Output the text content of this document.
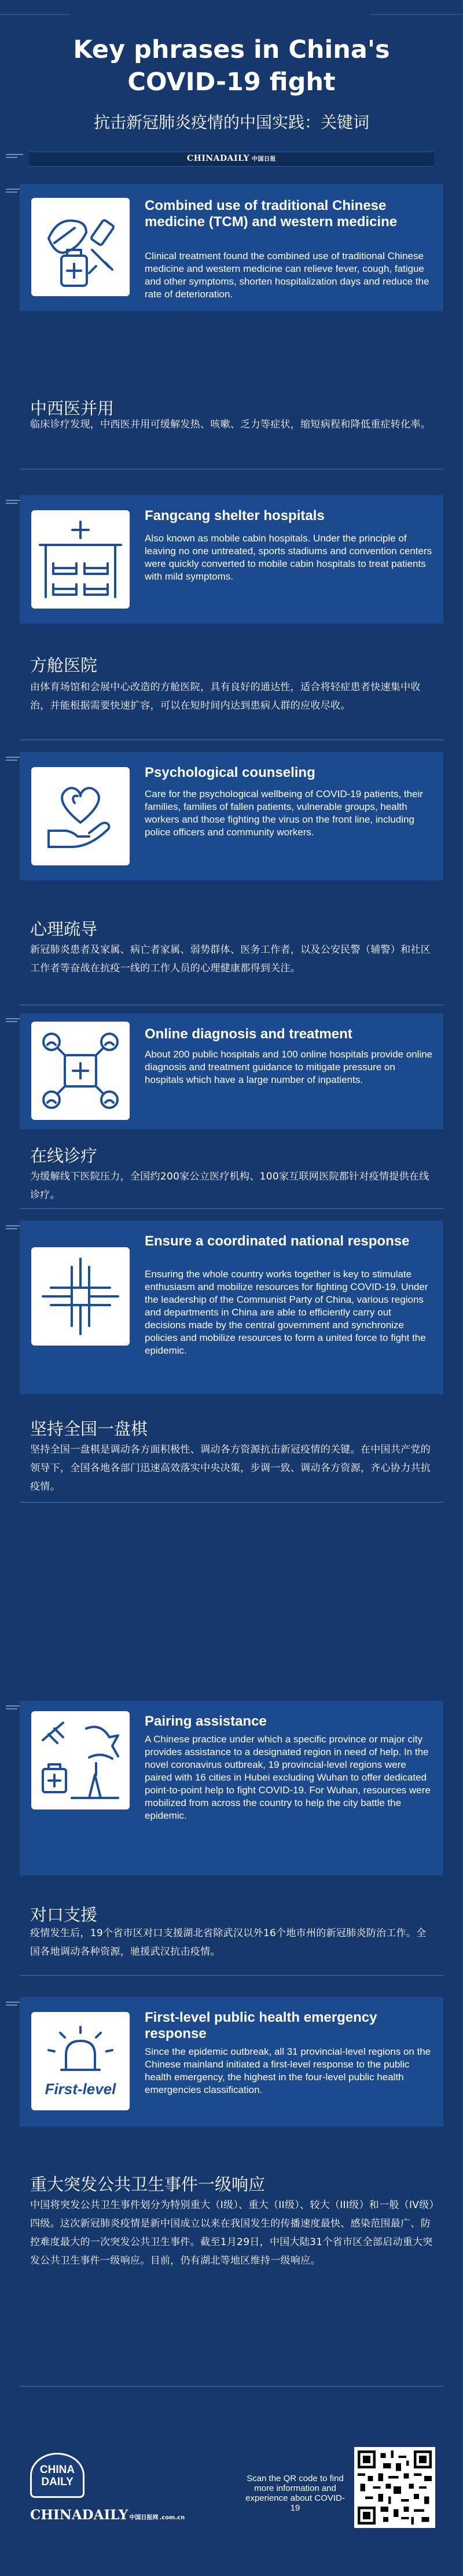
Key phrases in China's COVID-19 fight
抗击新冠肺炎疫情的中国实践：关键词
CHINADAILY 中国日报
Combined use of traditional Chinese medicine (TCM) and western medicine
Clinical treatment found the combined use of traditional Chinese medicine and western medicine can relieve fever, cough, fatigue and other symptoms, shorten hospitalization days and reduce the rate of deterioration.
中西医并用
临床诊疗发现，中西医并用可缓解发热、咳嗽、乏力等症状，缩短病程和降低重症转化率。
Fangcang shelter hospitals
Also known as mobile cabin hospitals. Under the principle of leaving no one untreated, sports stadiums and convention centers were quickly converted to mobile cabin hospitals to treat patients with mild symptoms.
方舱医院
由体育场馆和会展中心改造的方舱医院，具有良好的通达性，适合将轻症患者快速集中收治，并能根据需要快速扩容，可以在短时间内达到患病人群的应收尽收。
Psychological counseling
Care for the psychological wellbeing of COVID-19 patients, their families, families of fallen patients, vulnerable groups, health workers and those fighting the virus on the front line, including police officers and community workers.
心理疏导
新冠肺炎患者及家属、病亡者家属、弱势群体、医务工作者，以及公安民警（辅警）和社区工作者等奋战在抗疫一线的工作人员的心理健康都得到关注。
Online diagnosis and treatment
About 200 public hospitals and 100 online hospitals provide online diagnosis and treatment guidance to mitigate pressure on hospitals which have a large number of inpatients.
在线诊疗
为缓解线下医院压力，全国约200家公立医疗机构、100家互联网医院都针对疫情提供在线诊疗。
Ensure a coordinated national response
Ensuring the whole country works together is key to stimulate enthusiasm and mobilize resources for fighting COVID-19. Under the leadership of the Communist Party of China, various regions and departments in China are able to efficiently carry out decisions made by the central government and synchronize policies and mobilize resources to form a united force to fight the epidemic.
坚持全国一盘棋
坚持全国一盘棋是调动各方面积极性、调动各方资源抗击新冠疫情的关键。在中国共产党的领导下，全国各地各部门迅速高效落实中央决策，步调一致、调动各方资源，齐心协力共抗疫情。
Pairing assistance
A Chinese practice under which a specific province or major city provides assistance to a designated region in need of help. In the novel coronavirus outbreak, 19 provincial-level regions were paired with 16 cities in Hubei excluding Wuhan to offer dedicated point-to-point help to fight COVID-19. For Wuhan, resources were mobilized from across the country to help the city battle the epidemic.
对口支援
疫情发生后，19个省市区对口支援湖北省除武汉以外16个地市州的新冠肺炎防治工作。全国各地调动各种资源，驰援武汉抗击疫情。
First-level
First-level public health emergency response
Since the epidemic outbreak, all 31 provincial-level regions on the Chinese mainland initiated a first-level response to the public health emergency, the highest in the four-level public health emergencies classification.
重大突发公共卫生事件一级响应
中国将突发公共卫生事件划分为特别重大（I级）、重大（II级）、较大（III级）和一般（IV级）四级。这次新冠肺炎疫情是新中国成立以来在我国发生的传播速度最快、感染范围最广、防控难度最大的一次突发公共卫生事件。截至1月29日，中国大陆31个省市区全部启动重大突发公共卫生事件一级响应。目前，仍有湖北等地区维持一级响应。
CHINA
DAILY
CHINADAILY 中国日报网 .com.cn
Scan the QR code to find more information and experience about COVID-19
